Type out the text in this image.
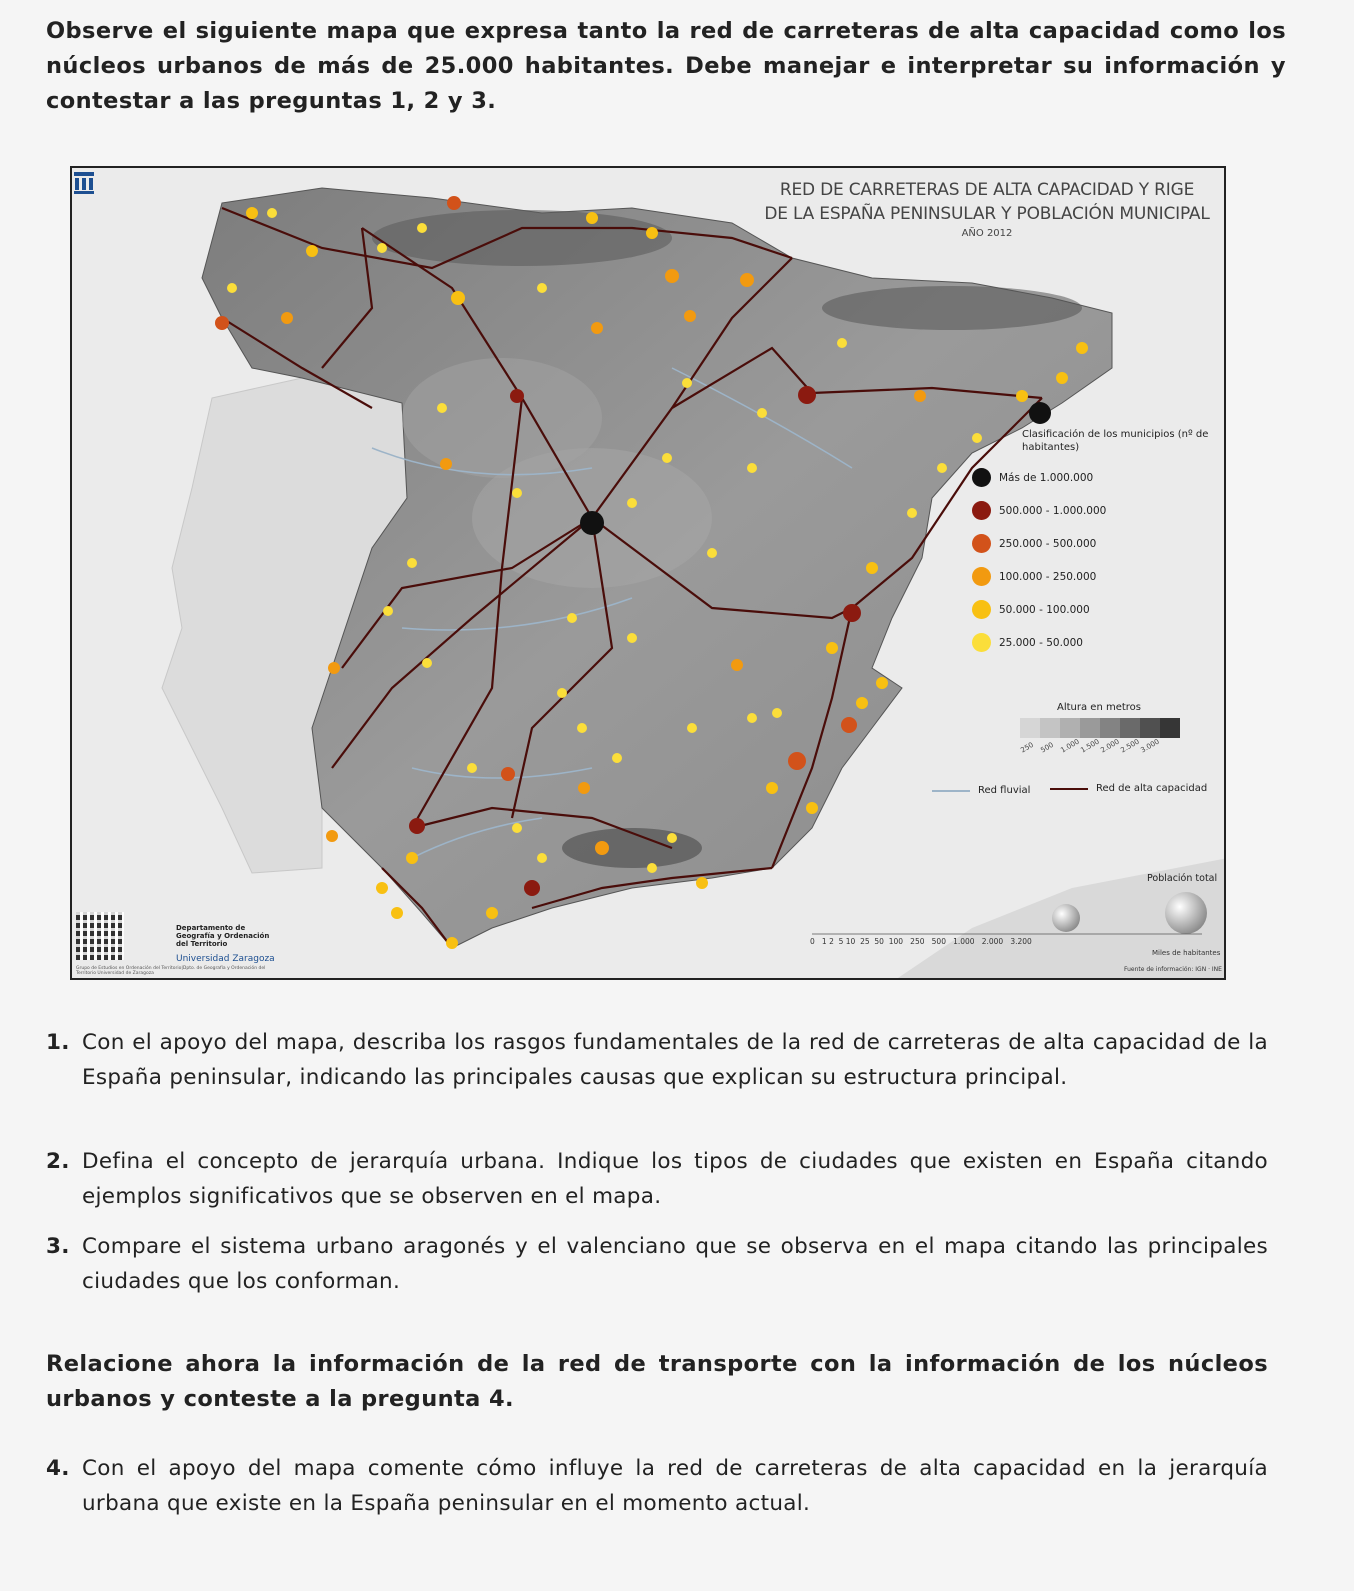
Observe el siguiente mapa que expresa tanto la red de carreteras de alta capacidad como los núcleos urbanos de más de 25.000 habitantes. Debe manejar e interpretar su información y contestar a las preguntas 1, 2 y 3.
RED DE CARRETERAS DE ALTA CAPACIDAD Y RIGE
DE LA ESPAÑA PENINSULAR Y POBLACIÓN MUNICIPAL
AÑO 2012
Clasificación de los municipios (nº de habitantes)
Más de 1.000.000
500.000 - 1.000.000
250.000 - 500.000
100.000 - 250.000
50.000 - 100.000
25.000 - 50.000
Altura en metros
250 500 1.000
1.500
2.000
2.500
3.000
Red fluvial	Red de alta capacidad
Población total
0   1 2  5 10  25  50  100   250   500   1.000   2.000   3.200
Miles de habitantes
Fuente de información: IGN · INE
Departamento de Geografía y Ordenación del Territorio
Universidad Zaragoza
Grupo de Estudios en Ordenación del Territorio|Dpto. de Geografía y Ordenación del Territorio Universidad de Zaragoza
1. Con el apoyo del mapa, describa los rasgos fundamentales de la red de carreteras de alta capacidad de la España peninsular, indicando las principales causas que explican su estructura principal.
2. Defina el concepto de jerarquía urbana. Indique los tipos de ciudades que existen en España citando ejemplos significativos que se observen en el mapa.
3. Compare el sistema urbano aragonés y el valenciano que se observa en el mapa citando las principales ciudades que los conforman.
Relacione ahora la información de la red de transporte con la información de los núcleos urbanos y conteste a la pregunta 4.
4. Con el apoyo del mapa comente cómo influye la red de carreteras de alta capacidad en la jerarquía urbana que existe en la España peninsular en el momento actual.
